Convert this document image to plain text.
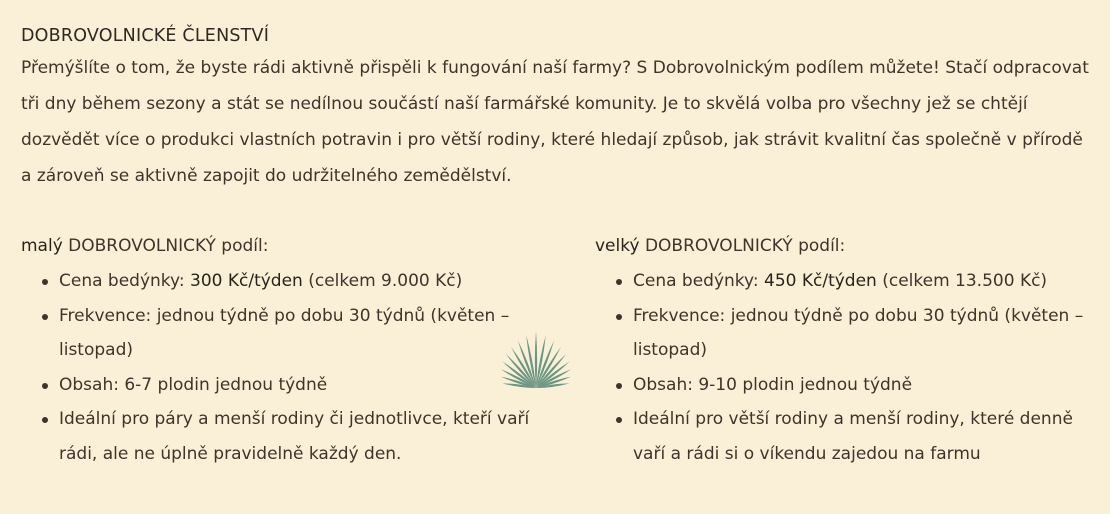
DOBROVOLNICKÉ ČLENSTVÍ

Přemýšlíte o tom, že byste rádi aktivně přispěli k fungování naší farmy? S Dobrovolnickým podílem můžete! Stačí odpracovat tři dny během sezony a stát se nedílnou součástí naší farmářské komunity. Je to skvělá volba pro všechny jež se chtějí dozvědět více o produkci vlastních potravin i pro větší rodiny, které hledají způsob, jak strávit kvalitní čas společně v přírodě a zároveň se aktivně zapojit do udržitelného zemědělství.

malý DOBROVOLNICKÝ podíl:
Cena bedýnky: 300 Kč/týden (celkem 9.000 Kč)
Frekvence: jednou týdně po dobu 30 týdnů (květen – listopad)
Obsah: 6-7 plodin jednou týdně
Ideální pro páry a menší rodiny či jednotlivce, kteří vaří rádi, ale ne úplně pravidelně každý den.
velký DOBROVOLNICKÝ podíl:
Cena bedýnky: 450 Kč/týden (celkem 13.500 Kč)
Frekvence: jednou týdně po dobu 30 týdnů (květen – listopad)
Obsah: 9-10 plodin jednou týdně
Ideální pro větší rodiny a menší rodiny, které denně vaří a rádi si o víkendu zajedou na farmu
